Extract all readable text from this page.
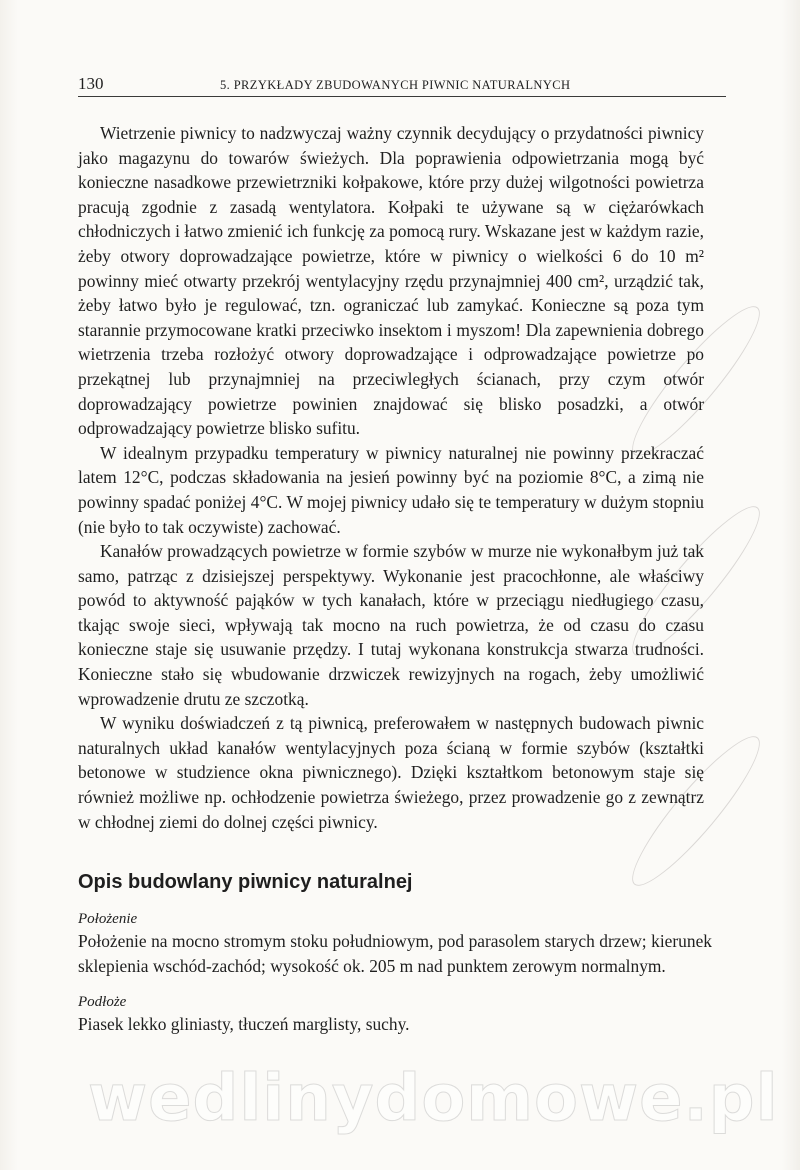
130	5. PRZYKŁADY ZBUDOWANYCH PIWNIC NATURALNYCH

Wietrzenie piwnicy to nadzwyczaj ważny czynnik decydujący o przydatności piwnicy jako magazynu do towarów świeżych. Dla poprawienia odpowietrzania mogą być konieczne nasadkowe przewietrzniki kołpakowe, które przy dużej wilgotności powietrza pracują zgodnie z zasadą wentylatora. Kołpaki te używane są w ciężarówkach chłodniczych i łatwo zmienić ich funkcję za pomocą rury. Wskazane jest w każdym razie, żeby otwory doprowadzające powietrze, które w piwnicy o wielkości 6 do 10 m² powinny mieć otwarty przekrój wentylacyjny rzędu przynajmniej 400 cm², urządzić tak, żeby łatwo było je regulować, tzn. ograniczać lub zamykać. Konieczne są poza tym starannie przymocowane kratki przeciwko insektom i myszom! Dla zapewnienia dobrego wietrzenia trzeba rozłożyć otwory doprowadzające i odprowadzające powietrze po przekątnej lub przynajmniej na przeciwległych ścianach, przy czym otwór doprowadzający powietrze powinien znajdować się blisko posadzki, a otwór odprowadzający powietrze blisko sufitu.

W idealnym przypadku temperatury w piwnicy naturalnej nie powinny przekraczać latem 12°C, podczas składowania na jesień powinny być na poziomie 8°C, a zimą nie powinny spadać poniżej 4°C. W mojej piwnicy udało się te temperatury w dużym stopniu (nie było to tak oczywiste) zachować.

Kanałów prowadzących powietrze w formie szybów w murze nie wykonałbym już tak samo, patrząc z dzisiejszej perspektywy. Wykonanie jest pracochłonne, ale właściwy powód to aktywność pająków w tych kanałach, które w przeciągu niedługiego czasu, tkając swoje sieci, wpływają tak mocno na ruch powietrza, że od czasu do czasu konieczne staje się usuwanie przędzy. I tutaj wykonana konstrukcja stwarza trudności. Konieczne stało się wbudowanie drzwiczek rewizyjnych na rogach, żeby umożliwić wprowadzenie drutu ze szczotką.

W wyniku doświadczeń z tą piwnicą, preferowałem w następnych budowach piwnic naturalnych układ kanałów wentylacyjnych poza ścianą w formie szybów (kształtki betonowe w studzience okna piwnicznego). Dzięki kształtkom betonowym staje się również możliwe np. ochłodzenie powietrza świeżego, przez prowadzenie go z zewnątrz w chłodnej ziemi do dolnej części piwnicy.

Opis budowlany piwnicy naturalnej

Położenie

Położenie na mocno stromym stoku południowym, pod parasolem starych drzew; kierunek sklepienia wschód-zachód; wysokość ok. 205 m nad punktem zerowym normalnym.

Podłoże

Piasek lekko gliniasty, tłuczeń marglisty, suchy.

wedlinydomowe.pl
